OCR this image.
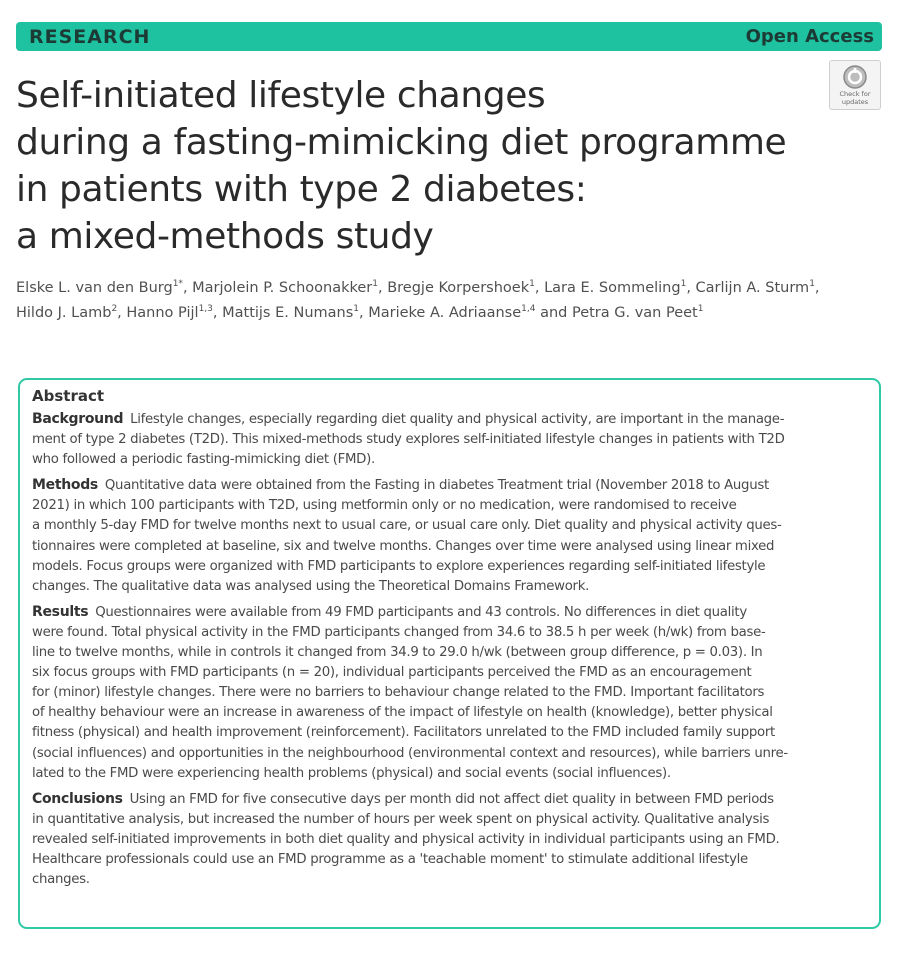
RESEARCH	Open Access
Self-initiated lifestyle changes
during a fasting-mimicking diet programme
in patients with type 2 diabetes:
a mixed-methods study
Check for
updates
Elske L. van den Burg$^{1*}$, Marjolein P. Schoonakker$^1$, Bregje Korpershoek$^1$, Lara E. Sommeling$^1$, Carlijn A. Sturm$^1$,
Hildo J. Lamb$^2$, Hanno Pijl$^{1,3}$, Mattijs E. Numans$^1$, Marieke A. Adriaanse$^{1,4}$ and Petra G. van Peet$^1$
Abstract
Background Lifestyle changes, especially regarding diet quality and physical activity, are important in the manage-
ment of type 2 diabetes (T2D). This mixed-methods study explores self-initiated lifestyle changes in patients with T2D
who followed a periodic fasting-mimicking diet (FMD).
Methods Quantitative data were obtained from the Fasting in diabetes Treatment trial (November 2018 to August
2021) in which 100 participants with T2D, using metformin only or no medication, were randomised to receive
a monthly 5-day FMD for twelve months next to usual care, or usual care only. Diet quality and physical activity ques-
tionnaires were completed at baseline, six and twelve months. Changes over time were analysed using linear mixed
models. Focus groups were organized with FMD participants to explore experiences regarding self-initiated lifestyle
changes. The qualitative data was analysed using the Theoretical Domains Framework.
Results Questionnaires were available from 49 FMD participants and 43 controls. No differences in diet quality
were found. Total physical activity in the FMD participants changed from 34.6 to 38.5 h per week (h/wk) from base-
line to twelve months, while in controls it changed from 34.9 to 29.0 h/wk (between group difference, p = 0.03). In
six focus groups with FMD participants (n = 20), individual participants perceived the FMD as an encouragement
for (minor) lifestyle changes. There were no barriers to behaviour change related to the FMD. Important facilitators
of healthy behaviour were an increase in awareness of the impact of lifestyle on health (knowledge), better physical
fitness (physical) and health improvement (reinforcement). Facilitators unrelated to the FMD included family support
(social influences) and opportunities in the neighbourhood (environmental context and resources), while barriers unre-
lated to the FMD were experiencing health problems (physical) and social events (social influences).
Conclusions Using an FMD for five consecutive days per month did not affect diet quality in between FMD periods
in quantitative analysis, but increased the number of hours per week spent on physical activity. Qualitative analysis
revealed self-initiated improvements in both diet quality and physical activity in individual participants using an FMD.
Healthcare professionals could use an FMD programme as a 'teachable moment' to stimulate additional lifestyle
changes.
